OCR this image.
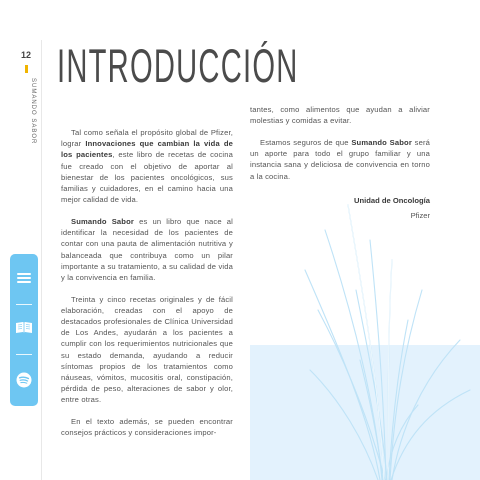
12
SUMANDO SABOR
INTRODUCCIÓN

Tal como señala el propósito global de Pfizer, lograr Innovaciones que cambian la vida de los pacientes, este libro de recetas de cocina fue creado con el objetivo de aportar al bienestar de los pacientes oncológicos, sus familias y cuidadores, en el camino hacia una mejor calidad de vida.

Sumando Sabor es un libro que nace al identificar la necesidad de los pacientes de contar con una pauta de alimentación nutritiva y balanceada que contribuya como un pilar importante a su tratamiento, a su calidad de vida y la convivencia en familia.

Treinta y cinco recetas originales y de fácil elaboración, creadas con el apoyo de destacados profesionales de Clínica Universidad de Los Andes, ayudarán a los pacientes a cumplir con los requerimientos nutricionales que su estado demanda, ayudando a reducir síntomas propios de los tratamientos como náuseas, vómitos, mucositis oral, constipación, pérdida de peso, alteraciones de sabor y olor, entre otras.

En el texto además, se pueden encontrar consejos prácticos y consideraciones impor-

tantes, como alimentos que ayudan a aliviar molestias y comidas a evitar.

Estamos seguros de que Sumando Sabor será un aporte para todo el grupo familiar y una instancia sana y deliciosa de convivencia en torno a la cocina.

Unidad de Oncología
Pfizer
